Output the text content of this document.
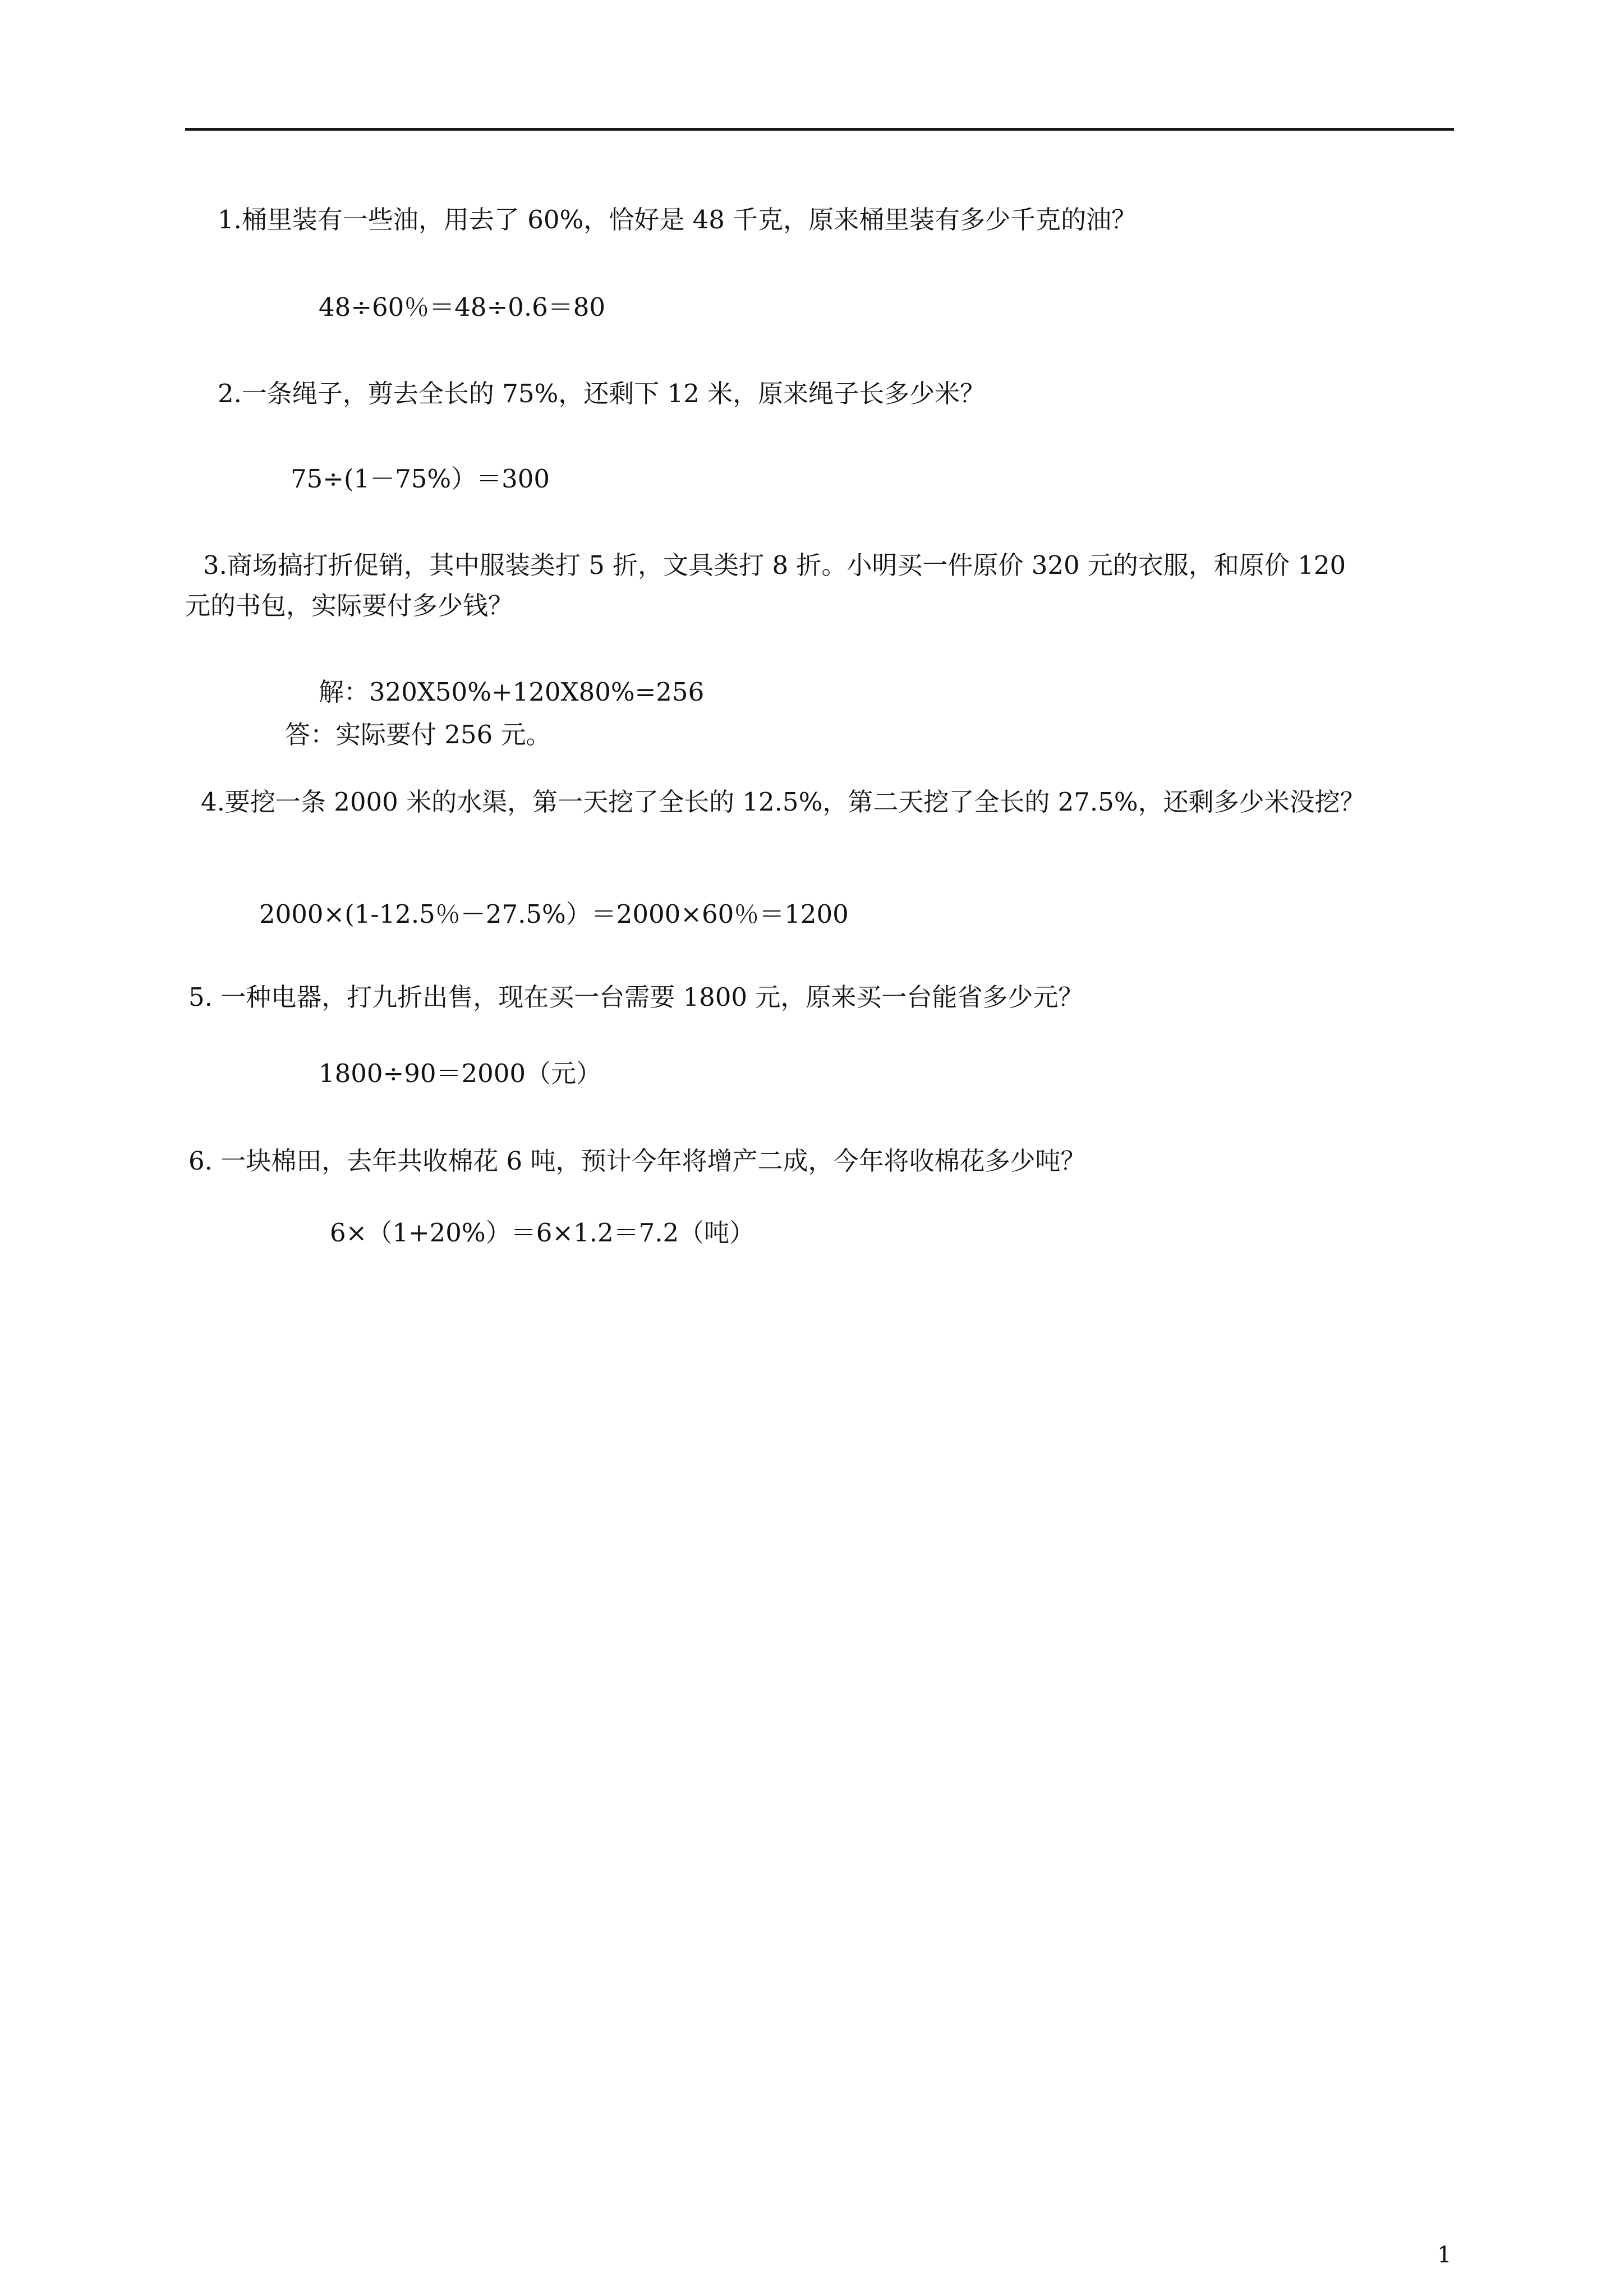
1.桶里装有一些油，用去了 60%，恰好是 48 千克，原来桶里装有多少千克的油？
48÷60％＝48÷0.6＝80
2.一条绳子，剪去全长的 75%，还剩下 12 米，原来绳子长多少米？
75÷(1－75%）＝300
3.商场搞打折促销，其中服装类打 5 折，文具类打 8 折。小明买一件原价 320 元的衣服，和原价 120
元的书包，实际要付多少钱？
解：320X50%+120X80%=256
答：实际要付 256 元。
4.要挖一条 2000 米的水渠，第一天挖了全长的 12.5%，第二天挖了全长的 27.5%，还剩多少米没挖？
2000×(1-12.5％－27.5%）＝2000×60％＝1200
5. 一种电器，打九折出售，现在买一台需要 1800 元，原来买一台能省多少元？
1800÷90＝2000（元）
6. 一块棉田，去年共收棉花 6 吨，预计今年将增产二成，今年将收棉花多少吨？
6×（1+20%）＝6×1.2＝7.2（吨）
1
